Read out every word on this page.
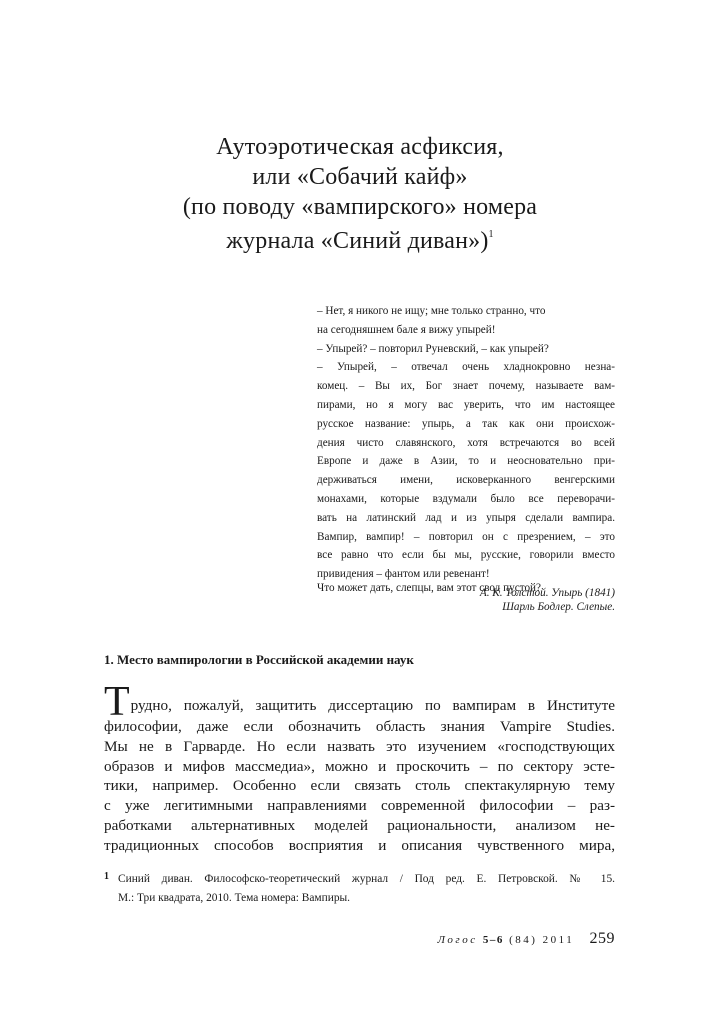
Аутоэротическая асфиксия,
или «Собачий кайф»
(по поводу «вампирского» номера
журнала «Синий диван»)$^1$
– Нет, я никого не ищу; мне только странно, что
на сегодняшнем бале я вижу упырей!
– Упырей? – повторил Руневский, – как упырей?
– Упырей, – отвечал очень хладнокровно незна-
комец. – Вы их, Бог знает почему, называете вам-
пирами, но я могу вас уверить, что им настоящее
русское название: упырь, а так как они происхож-
дения чисто славянского, хотя встречаются во всей
Европе и даже в Азии, то и неосновательно при-
держиваться имени, исковерканного венгерскими
монахами, которые вздумали было все переворачи-
вать на латинский лад и из упыря сделали вампира.
Вампир, вампир! – повторил он с презрением, – это
все равно что если бы мы, русские, говорили вместо
привидения – фантом или ревенант!
А. К. Толстой. Упырь (1841)
Что может дать, слепцы, вам этот свод пустой?
Шарль Бодлер. Слепые.
1. Место вампирологии в Российской академии наук
Т рудно, пожалуй, защитить диссертацию по вампирам в Институте
философии, даже если обозначить область знания Vampire Studies.
Мы не в Гарварде. Но если назвать это изучением «господствующих
образов и мифов массмедиа», можно и проскочить – по сектору эсте-
тики, например. Особенно если связать столь спектакулярную тему
с уже легитимными направлениями современной философии – раз-
работками альтернативных моделей рациональности, анализом не-
традиционных способов восприятия и описания чувственного мира,
1 Синий диван. Философско-теоретический журнал / Под ред. Е. Петровской. № 15.
М.: Три квадрата, 2010. Тема номера: Вампиры.
Логос 5–6 (84) 2011 259
